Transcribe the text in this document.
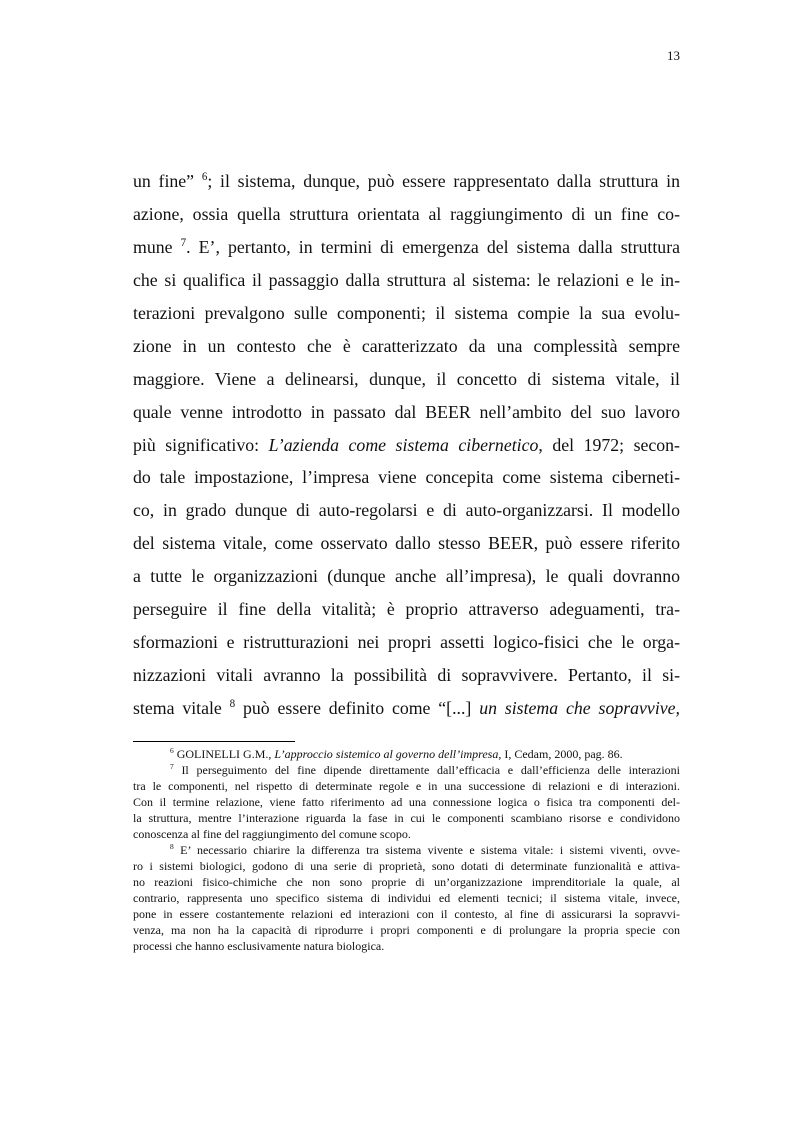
13
un fine” $^6$; il sistema, dunque, può essere rappresentato dalla struttura in
azione, ossia quella struttura orientata al raggiungimento di un fine co-
mune $^7$. E’, pertanto, in termini di emergenza del sistema dalla struttura
che si qualifica il passaggio dalla struttura al sistema: le relazioni e le in-
terazioni prevalgono sulle componenti; il sistema compie la sua evolu-
zione in un contesto che è caratterizzato da una complessità sempre
maggiore. Viene a delinearsi, dunque, il concetto di sistema vitale, il
quale venne introdotto in passato dal BEER nell’ambito del suo lavoro
più significativo: L’azienda come sistema cibernetico, del 1972; secon-
do tale impostazione, l’impresa viene concepita come sistema ciberneti-
co, in grado dunque di auto-regolarsi e di auto-organizzarsi. Il modello
del sistema vitale, come osservato dallo stesso BEER, può essere riferito
a tutte le organizzazioni (dunque anche all’impresa), le quali dovranno
perseguire il fine della vitalità; è proprio attraverso adeguamenti, tra-
sformazioni e ristrutturazioni nei propri assetti logico-fisici che le orga-
nizzazioni vitali avranno la possibilità di sopravvivere. Pertanto, il si-
stema vitale $^8$ può essere definito come “[...] un sistema che sopravvive,
$^6$ GOLINELLI G.M., L’approccio sistemico al governo dell’impresa, I, Cedam, 2000, pag. 86.
$^7$ Il perseguimento del fine dipende direttamente dall’efficacia e dall’efficienza delle interazioni
tra le componenti, nel rispetto di determinate regole e in una successione di relazioni e di interazioni.
Con il termine relazione, viene fatto riferimento ad una connessione logica o fisica tra componenti del-
la struttura, mentre l’interazione riguarda la fase in cui le componenti scambiano risorse e condividono
conoscenza al fine del raggiungimento del comune scopo.
$^8$ E’ necessario chiarire la differenza tra sistema vivente e sistema vitale: i sistemi viventi, ovve-
ro i sistemi biologici, godono di una serie di proprietà, sono dotati di determinate funzionalità e attiva-
no reazioni fisico-chimiche che non sono proprie di un’organizzazione imprenditoriale la quale, al
contrario, rappresenta uno specifico sistema di individui ed elementi tecnici; il sistema vitale, invece,
pone in essere costantemente relazioni ed interazioni con il contesto, al fine di assicurarsi la sopravvi-
venza, ma non ha la capacità di riprodurre i propri componenti e di prolungare la propria specie con
processi che hanno esclusivamente natura biologica.
